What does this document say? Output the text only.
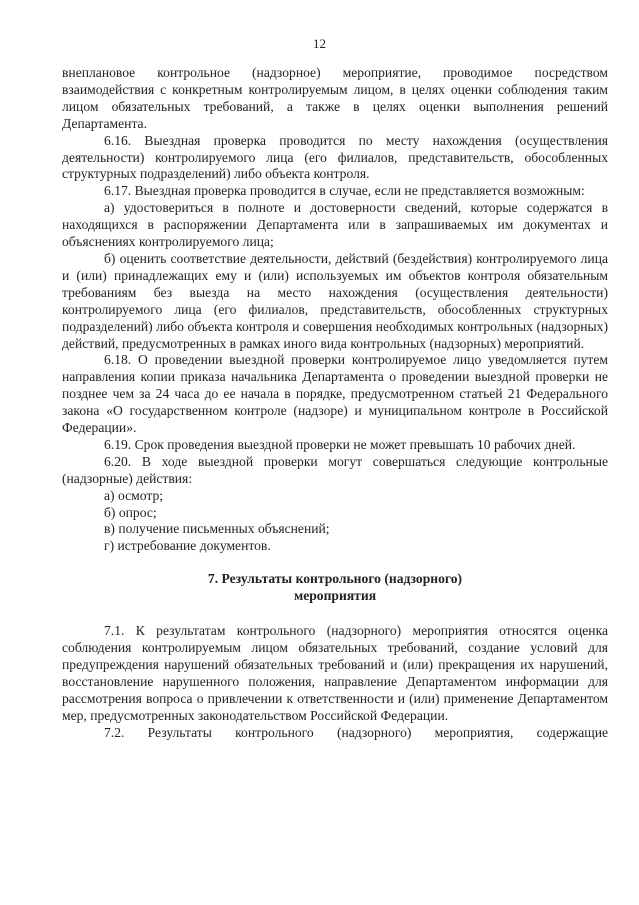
12

внеплановое контрольное (надзорное) мероприятие, проводимое посредством взаимодействия с конкретным контролируемым лицом, в целях оценки соблюдения таким лицом обязательных требований, а также в целях оценки выполнения решений Департамента.

6.16. Выездная проверка проводится по месту нахождения (осуществления деятельности) контролируемого лица (его филиалов, представительств, обособленных структурных подразделений) либо объекта контроля.

6.17. Выездная проверка проводится в случае, если не представляется возможным:

а) удостовериться в полноте и достоверности сведений, которые содержатся в находящихся в распоряжении Департамента или в запрашиваемых им документах и объяснениях контролируемого лица;

б) оценить соответствие деятельности, действий (бездействия) контролируемого лица и (или) принадлежащих ему и (или) используемых им объектов контроля обязательным требованиям без выезда на место нахождения (осуществления деятельности) контролируемого лица (его филиалов, представительств, обособленных структурных подразделений) либо объекта контроля и совершения необходимых контрольных (надзорных) действий, предусмотренных в рамках иного вида контрольных (надзорных) мероприятий.

6.18. О проведении выездной проверки контролируемое лицо уведомляется путем направления копии приказа начальника Департамента о проведении выездной проверки не позднее чем за 24 часа до ее начала в порядке, предусмотренном статьей 21 Федерального закона «О государственном контроле (надзоре) и муниципальном контроле в Российской Федерации».

6.19. Срок проведения выездной проверки не может превышать 10 рабочих дней.

6.20. В ходе выездной проверки могут совершаться следующие контрольные (надзорные) действия:

а) осмотр;

б) опрос;

в) получение письменных объяснений;

г) истребование документов.

7. Результаты контрольного (надзорного)
мероприятия

7.1. К результатам контрольного (надзорного) мероприятия относятся оценка соблюдения контролируемым лицом обязательных требований, создание условий для предупреждения нарушений обязательных требований и (или) прекращения их нарушений, восстановление нарушенного положения, направление Департаментом информации для рассмотрения вопроса о привлечении к ответственности и (или) применение Департаментом мер, предусмотренных законодательством Российской Федерации.

7.2. Результаты контрольного (надзорного) мероприятия, содержащие
